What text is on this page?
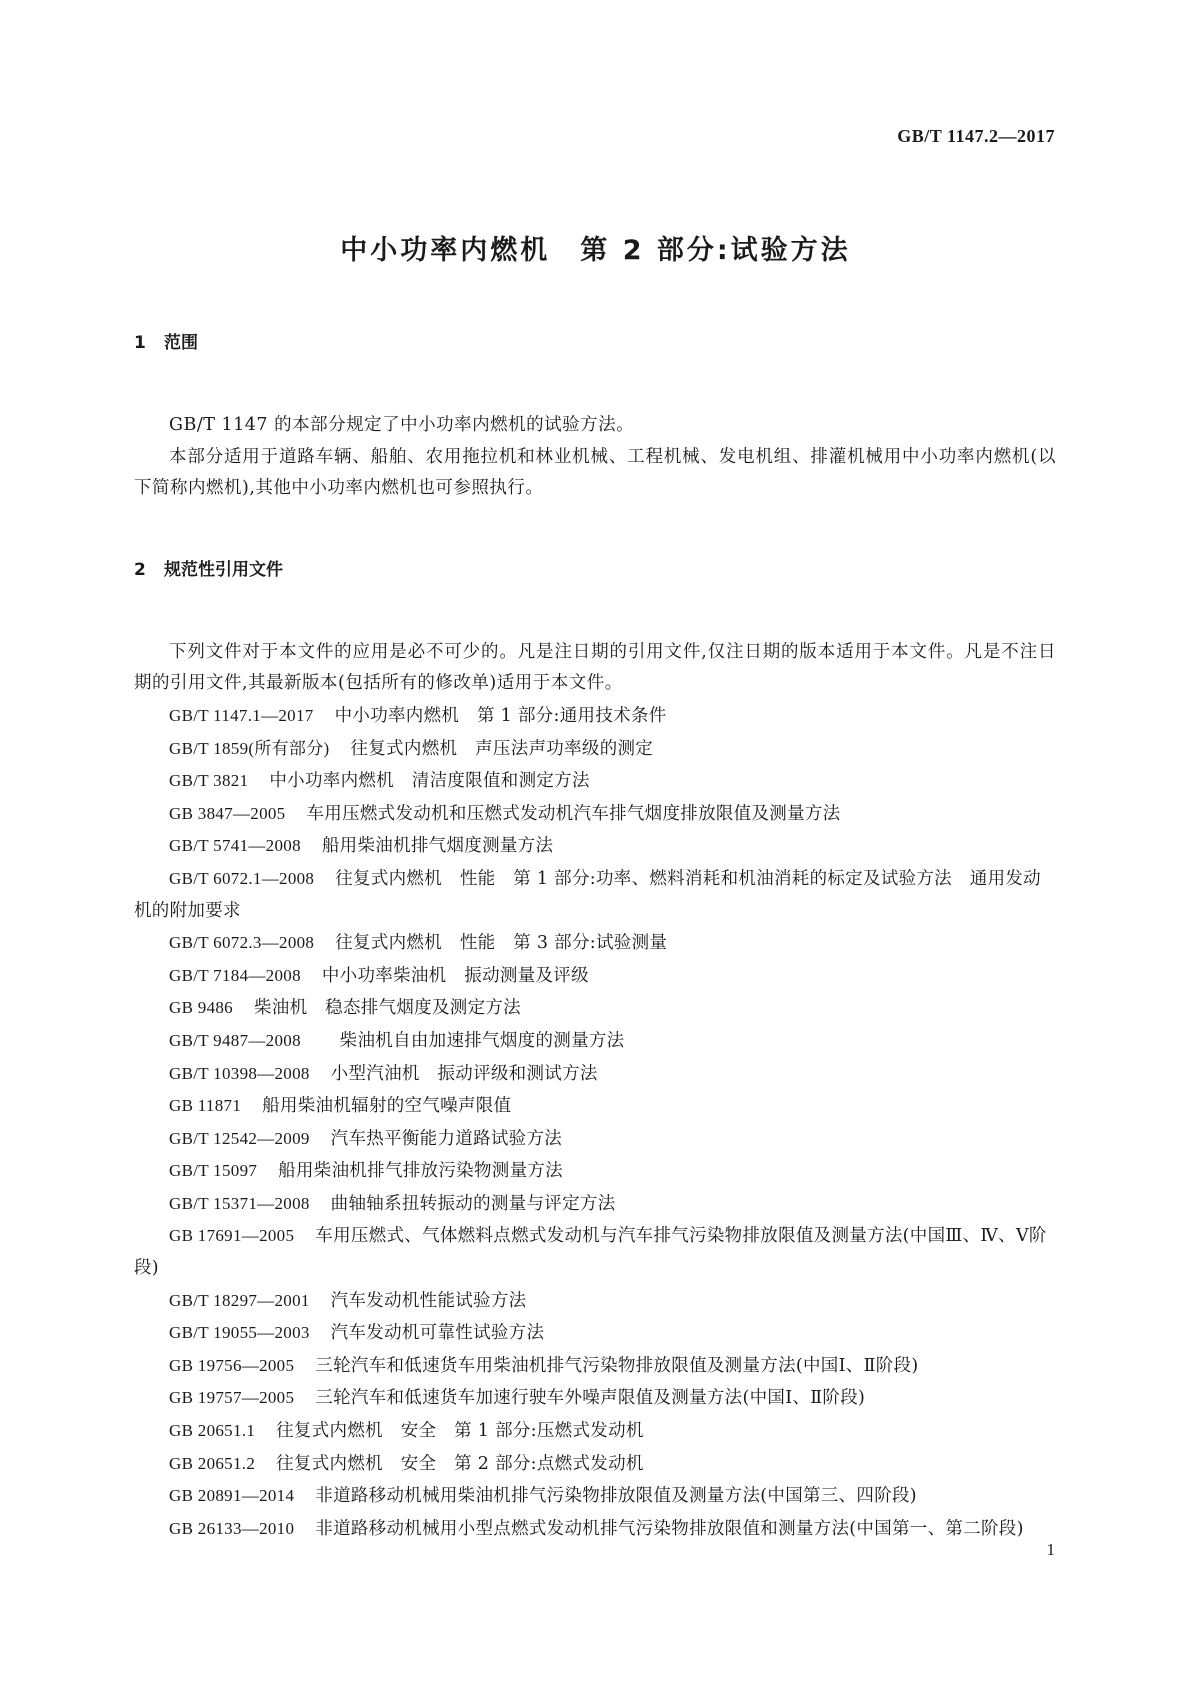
GB/T 1147.2—2017
中小功率内燃机　第 2 部分:试验方法
1 范围

GB/T 1147 的本部分规定了中小功率内燃机的试验方法。

本部分适用于道路车辆、船舶、农用拖拉机和林业机械、工程机械、发电机组、排灌机械用中小功率内燃机(以下简称内燃机),其他中小功率内燃机也可参照执行。

2 规范性引用文件

下列文件对于本文件的应用是必不可少的。凡是注日期的引用文件,仅注日期的版本适用于本文件。凡是不注日期的引用文件,其最新版本(包括所有的修改单)适用于本文件。

GB/T 1147.1—2017 中小功率内燃机　第 1 部分:通用技术条件

GB/T 1859(所有部分) 往复式内燃机　声压法声功率级的测定

GB/T 3821 中小功率内燃机　清洁度限值和测定方法

GB 3847—2005 车用压燃式发动机和压燃式发动机汽车排气烟度排放限值及测量方法

GB/T 5741—2008 船用柴油机排气烟度测量方法

GB/T 6072.1—2008 往复式内燃机　性能　第 1 部分:功率、燃料消耗和机油消耗的标定及试验方法　通用发动机的附加要求

GB/T 6072.3—2008 往复式内燃机　性能　第 3 部分:试验测量

GB/T 7184—2008 中小功率柴油机　振动测量及评级

GB 9486 柴油机　稳态排气烟度及测定方法

GB/T 9487—2008　柴油机自由加速排气烟度的测量方法

GB/T 10398—2008 小型汽油机　振动评级和测试方法

GB 11871 船用柴油机辐射的空气噪声限值

GB/T 12542—2009 汽车热平衡能力道路试验方法

GB/T 15097 船用柴油机排气排放污染物测量方法

GB/T 15371—2008 曲轴轴系扭转振动的测量与评定方法

GB 17691—2005 车用压燃式、气体燃料点燃式发动机与汽车排气污染物排放限值及测量方法(中国Ⅲ、Ⅳ、Ⅴ阶段)

GB/T 18297—2001 汽车发动机性能试验方法

GB/T 19055—2003 汽车发动机可靠性试验方法

GB 19756—2005 三轮汽车和低速货车用柴油机排气污染物排放限值及测量方法(中国Ⅰ、Ⅱ阶段)

GB 19757—2005 三轮汽车和低速货车加速行驶车外噪声限值及测量方法(中国Ⅰ、Ⅱ阶段)

GB 20651.1 往复式内燃机　安全　第 1 部分:压燃式发动机

GB 20651.2 往复式内燃机　安全　第 2 部分:点燃式发动机

GB 20891—2014 非道路移动机械用柴油机排气污染物排放限值及测量方法(中国第三、四阶段)

GB 26133—2010 非道路移动机械用小型点燃式发动机排气污染物排放限值和测量方法(中国第一、第二阶段)

1
